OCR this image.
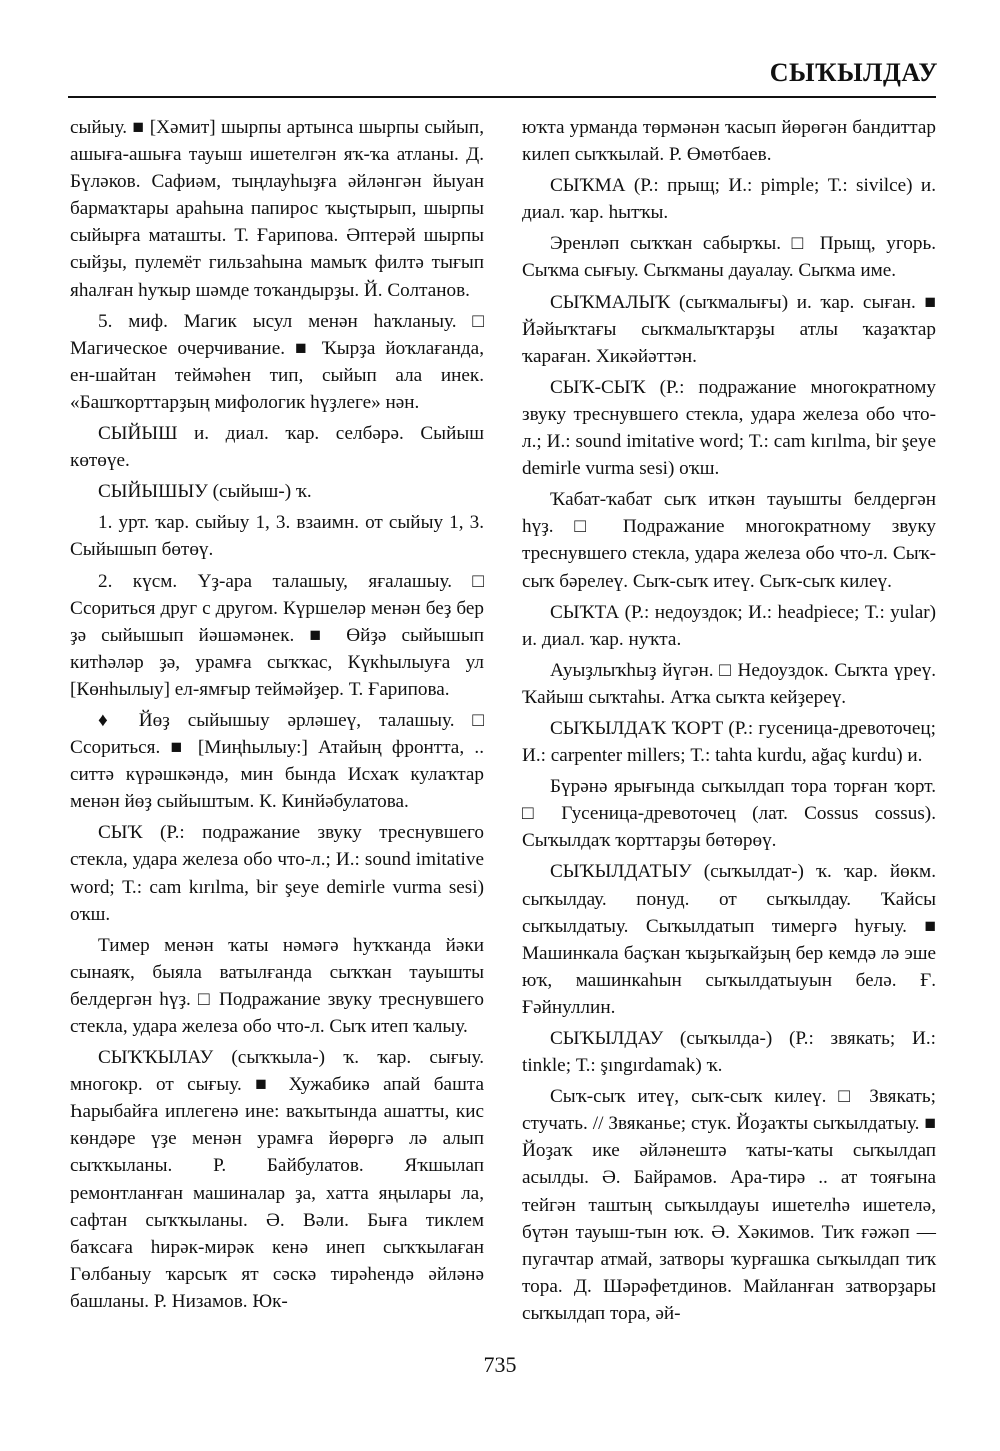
СЫҠЫЛДАУ

сыйыу. ■ [Хәмит] шырпы артынса шырпы сыйып, ашыға-ашыға тауыш ишетелгән яҡ-ҡа атланы. Д. Бүләков. Сафиәм, тыңлауһыҙға әйләнгән йыуан бармаҡтары араһына папирос ҡыҫтырып, шырпы сыйырға маташты. Т. Ғарипова. Әптерәй шырпы сыйҙы, пулемёт гильзаһына мамыҡ филтә тығып яһалған һуҡыр шәмде тоҡандырҙы. Й. Солтанов.

5. миф. Магик ысул менән һаҡланыу. □ Магическое очерчивание. ■ Ҡырҙа йоҡлағанда, ен-шайтан теймәһен тип, сыйып ала инек. «Башҡорттарҙың мифологик һүҙлеге» нән.

СЫЙЫШ и. диал. ҡар. селбәрә. Сыйыш көтөүе.

СЫЙЫШЫУ (сыйыш-) ҡ.

1. урт. ҡар. сыйыу 1, 3. взаимн. от сыйыу 1, 3. Сыйышып бөтөү.

2. күсм. Үҙ-ара талашыу, яғалашыу. □ Ссориться друг с другом. Күршеләр менән беҙ бер ҙә сыйышып йәшәмәнек. ■ Өйҙә сыйышып китһәләр ҙә, урамға сыҡҡас, Күкһылыуға ул [Көнһылыу] ел-ямғыр теймәйҙер. Т. Ғарипова.

♦ Йөҙ сыйышыу әрләшеү, талашыу. □ Ссориться. ■ [Миңһылыу:] Атайың фронтта, .. ситтә күрәшкәндә, мин бында Исхаҡ кулаҡтар менән йөҙ сыйыштым. К. Кинйәбулатова.

СЫҠ (Р.: подражание звуку треснувшего стекла, удара железа обо что-л.; И.: sound imitative word; Т.: cam kırılma, bir şeye demirle vurma sesi) оҡш.

Тимер менән ҡаты нәмәгә һуҡҡанда йәки сынаяҡ, быяла ватылғанда сыҡҡан тауышты белдергән һүҙ. □ Подражание звуку треснувшего стекла, удара железа обо что-л. Сыҡ итеп ҡалыу.

СЫҠҠЫЛАУ (сыҡҡыла-) ҡ. ҡар. сығыу. многокр. от сығыу. ■ Хужабикә апай башта Һарыбайға иплегенә ине: ваҡытында ашатты, кис көндәре үҙе менән урамға йөрөргә лә алып сыҡҡыланы. Р. Байбулатов. Яҡшылап ремонтланған машиналар ҙа, хатта яңылары ла, сафтан сыҡҡыланы. Ә. Вәли. Быға тиклем баҡсаға һирәк-мирәк кенә инеп сыҡҡылаған Гөлбаныу ҡарсыҡ ят сәскә тирәһендә әйләнә башланы. Р. Низамов. Юк-

юҡта урманда төрмәнән ҡасып йөрөгән бандиттар килеп сыҡҡылай. Р. Өмөтбаев.

СЫҠМА (Р.: прыщ; И.: pimple; Т.: sivilce) и. диал. ҡар. һытҡы.

Эренләп сыҡҡан сабырҡы. □ Прыщ, угорь. Сыҡма сығыу. Сыҡманы дауалау. Сыҡма име.

СЫҠМАЛЫҠ (сыҡмалығы) и. ҡар. сыған. ■ Йәйыҡтағы сыҡмалыҡтарҙы атлы ҡаҙаҡтар ҡараған. Хикәйәттән.

СЫҠ-СЫҠ (Р.: подражание многократному звуку треснувшего стекла, удара железа обо что-л.; И.: sound imitative word; Т.: cam kırılma, bir şeye demirle vurma sesi) оҡш.

Ҡабат-ҡабат сыҡ иткән тауышты белдергән һүҙ. □ Подражание многократному звуку треснувшего стекла, удара железа обо что-л. Сыҡ-сыҡ бәрелеү. Сыҡ-сыҡ итеү. Сыҡ-сыҡ килеү.

СЫҠТА (Р.: недоуздок; И.: headpiece; Т.: yular) и. диал. ҡар. нуҡта.

Ауыҙлыҡһыҙ йүгән. □ Недоуздок. Сыҡта үреү. Ҡайыш сыҡтаһы. Атҡа сыҡта кейҙереү.

СЫҠЫЛДАҠ ҠОРТ (Р.: гусеница-древоточец; И.: carpenter millers; Т.: tahta kurdu, ağaç kurdu) и.

Бүрәнә ярығында сыҡылдап тора торған ҡорт. □ Гусеница-древоточец (лат. Cossus cossus). Сыҡылдаҡ ҡорттарҙы бөтөрөү.

СЫҠЫЛДАТЫУ (сыҡылдат-) ҡ. ҡар. йөкм. сыҡылдау. понуд. от сыҡылдау. Ҡайсы сыҡылдатыу. Сыҡылдатып тимергә һуғыу. ■ Машинкала баҫҡан ҡыҙыҡайҙың бер кемдә лә эше юҡ, машинкаһын сыҡылдатыуын белә. Ғ. Ғәйнуллин.

СЫҠЫЛДАУ (сыҡылда-) (Р.: звякать; И.: tinkle; Т.: şıngırdamak) ҡ.

Сыҡ-сыҡ итеү, сыҡ-сыҡ килеү. □ Звякать; стучать. // Звяканье; стук. Йоҙаҡты сыҡылдатыу. ■ Йоҙаҡ ике әйләнештә ҡаты-ҡаты сыҡылдап асылды. Ә. Байрамов. Ара-тирә .. ат тояғына тейгән таштың сыҡылдауы ишетелһә ишетелә, бүтән тауыш-тын юҡ. Ә. Хәкимов. Тиҡ ғәжәп — пугачтар атмай, затворы ҡурғашка сыҡылдап тиҡ тора. Д. Шәрәфетдинов. Майланған затворҙары сыҡылдап тора, әй-

735
